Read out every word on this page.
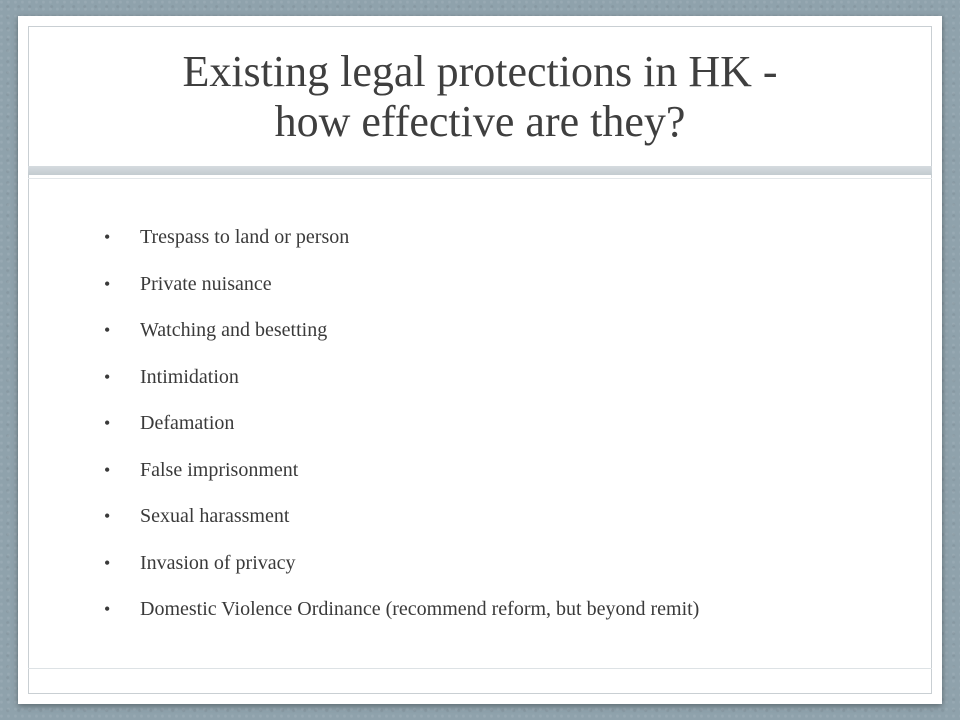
Existing legal protections in HK -
how effective are they?
• Trespass to land or person
• Private nuisance
• Watching and besetting
• Intimidation
• Defamation
• False imprisonment
• Sexual harassment
• Invasion of privacy
• Domestic Violence Ordinance (recommend reform, but beyond remit)
